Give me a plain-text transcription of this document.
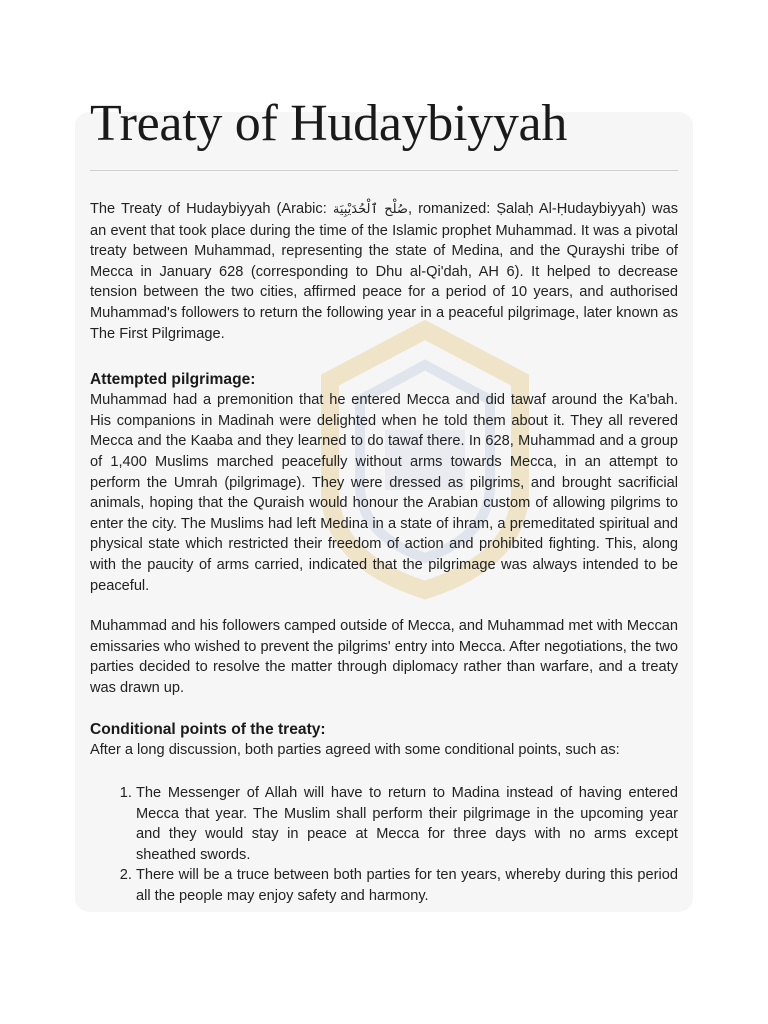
Treaty of Hudaybiyyah

The Treaty of Hudaybiyyah (Arabic: صُلْح ٱلْحُدَيْبِيَة, romanized: Ṣalaḥ Al-Ḥudaybiyyah) was an event that took place during the time of the Islamic prophet Muhammad. It was a pivotal treaty between Muhammad, representing the state of Medina, and the Qurayshi tribe of Mecca in January 628 (corresponding to Dhu al-Qi'dah, AH 6). It helped to decrease tension between the two cities, affirmed peace for a period of 10 years, and authorised Muhammad's followers to return the following year in a peaceful pilgrimage, later known as The First Pilgrimage.

Attempted pilgrimage:

Muhammad had a premonition that he entered Mecca and did tawaf around the Ka'bah. His companions in Madinah were delighted when he told them about it. They all revered Mecca and the Kaaba and they learned to do tawaf there. In 628, Muhammad and a group of 1,400 Muslims marched peacefully without arms towards Mecca, in an attempt to perform the Umrah (pilgrimage). They were dressed as pilgrims, and brought sacrificial animals, hoping that the Quraish would honour the Arabian custom of allowing pilgrims to enter the city. The Muslims had left Medina in a state of ihram, a premeditated spiritual and physical state which restricted their freedom of action and prohibited fighting. This, along with the paucity of arms carried, indicated that the pilgrimage was always intended to be peaceful.

Muhammad and his followers camped outside of Mecca, and Muhammad met with Meccan emissaries who wished to prevent the pilgrims' entry into Mecca. After negotiations, the two parties decided to resolve the matter through diplomacy rather than warfare, and a treaty was drawn up.

Conditional points of the treaty:

After a long discussion, both parties agreed with some conditional points, such as:

1. The Messenger of Allah will have to return to Madina instead of having entered Mecca that year. The Muslim shall perform their pilgrimage in the upcoming year and they would stay in peace at Mecca for three days with no arms except sheathed swords.
2. There will be a truce between both parties for ten years, whereby during this period all the people may enjoy safety and harmony.
